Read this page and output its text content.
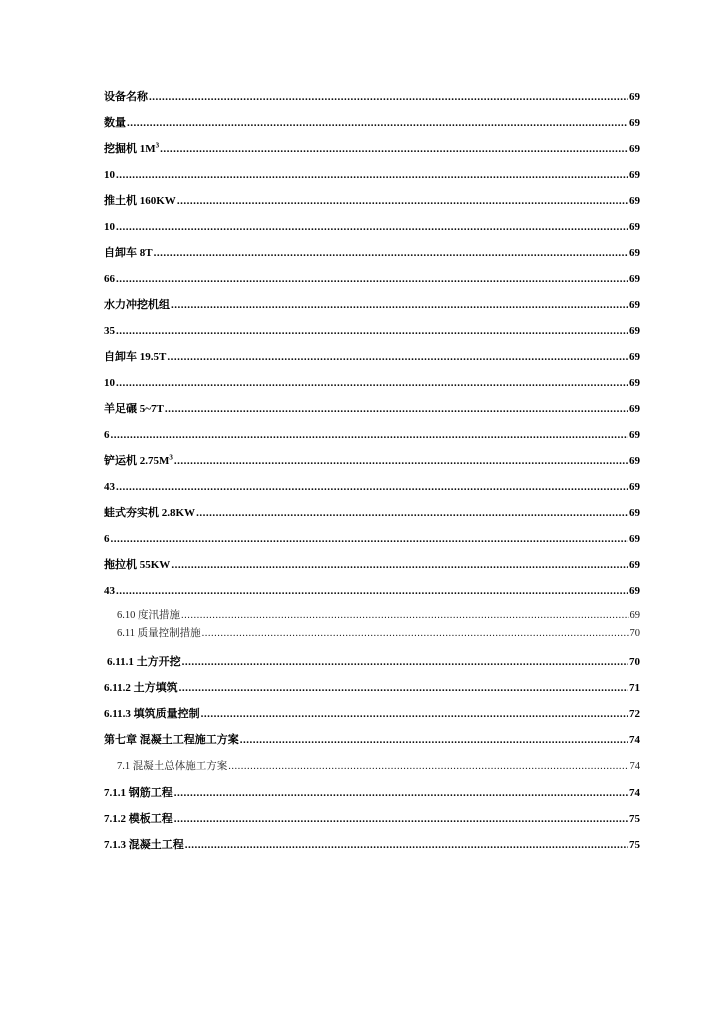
设备名称 .....	69
数量 .....	69
挖掘机 $1M^3$ .....	69
10 .....	69
推土机 160KW .....	69
10 .....	69
自卸车 8T .....	69
66 .....	69
水力冲挖机组 .....	69
35 .....	69
自卸车 19.5T .....	69
10 .....	69
羊足碾 5~7T .....	69
6 .....	69
铲运机 $2.75M^3$ .....	69
43 .....	69
蛙式夯实机 2.8KW .....	69
6 .....	69
拖拉机 55KW .....	69
43 .....	69
6.10 度汛措施 .....	69
6.11 质量控制措施 .....	70
6.11.1 土方开挖 .....	70
6.11.2 土方填筑 .....	71
6.11.3 填筑质量控制 .....	72
第七章 混凝土工程施工方案 .....	74
7.1 混凝土总体施工方案 .....	74
7.1.1 钢筋工程 .....	74
7.1.2 模板工程 .....	75
7.1.3 混凝土工程 .....	75
